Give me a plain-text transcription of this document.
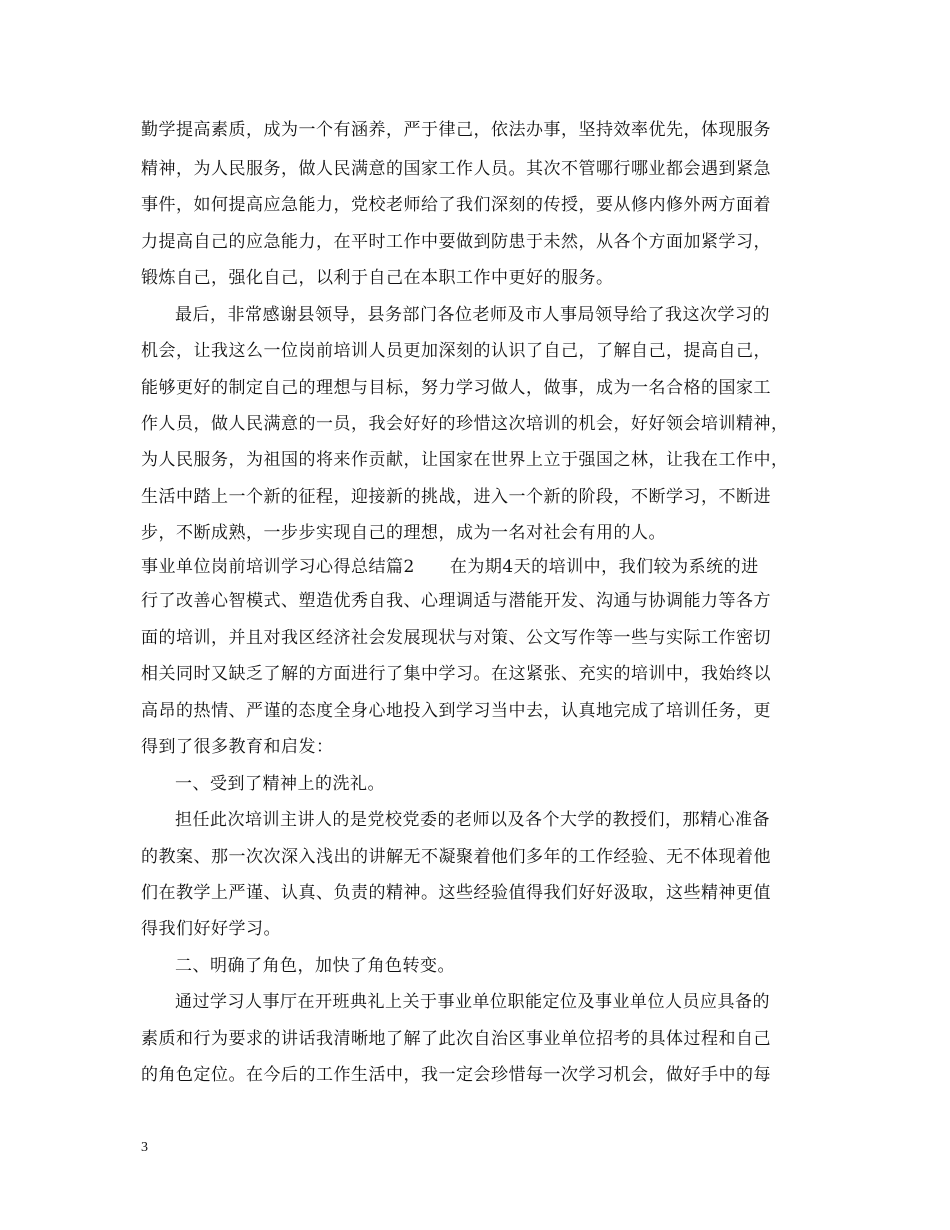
勤学提高素质，成为一个有涵养，严于律己，依法办事，坚持效率优先，体现服务
精神，为人民服务，做人民满意的国家工作人员。其次不管哪行哪业都会遇到紧急
事件，如何提高应急能力，党校老师给了我们深刻的传授，要从修内修外两方面着
力提高自己的应急能力，在平时工作中要做到防患于未然，从各个方面加紧学习，
锻炼自己，强化自己，以利于自己在本职工作中更好的服务。
最后，非常感谢县领导，县务部门各位老师及市人事局领导给了我这次学习的
机会，让我这么一位岗前培训人员更加深刻的认识了自己，了解自己，提高自己，
能够更好的制定自己的理想与目标，努力学习做人，做事，成为一名合格的国家工
作人员，做人民满意的一员，我会好好的珍惜这次培训的机会，好好领会培训精神，
为人民服务，为祖国的将来作贡献，让国家在世界上立于强国之林，让我在工作中，
生活中踏上一个新的征程，迎接新的挑战，进入一个新的阶段，不断学习，不断进
步，不断成熟，一步步实现自己的理想，成为一名对社会有用的人。
事业单位岗前培训学习心得总结篇2　　在为期4天的培训中，我们较为系统的进
行了改善心智模式、塑造优秀自我、心理调适与潜能开发、沟通与协调能力等各方
面的培训，并且对我区经济社会发展现状与对策、公文写作等一些与实际工作密切
相关同时又缺乏了解的方面进行了集中学习。在这紧张、充实的培训中，我始终以
高昂的热情、严谨的态度全身心地投入到学习当中去，认真地完成了培训任务，更
得到了很多教育和启发：
一、受到了精神上的洗礼。
担任此次培训主讲人的是党校党委的老师以及各个大学的教授们，那精心准备
的教案、那一次次深入浅出的讲解无不凝聚着他们多年的工作经验、无不体现着他
们在教学上严谨、认真、负责的精神。这些经验值得我们好好汲取，这些精神更值
得我们好好学习。
二、明确了角色，加快了角色转变。
通过学习人事厅在开班典礼上关于事业单位职能定位及事业单位人员应具备的
素质和行为要求的讲话我清晰地了解了此次自治区事业单位招考的具体过程和自己
的角色定位。在今后的工作生活中，我一定会珍惜每一次学习机会，做好手中的每
3
